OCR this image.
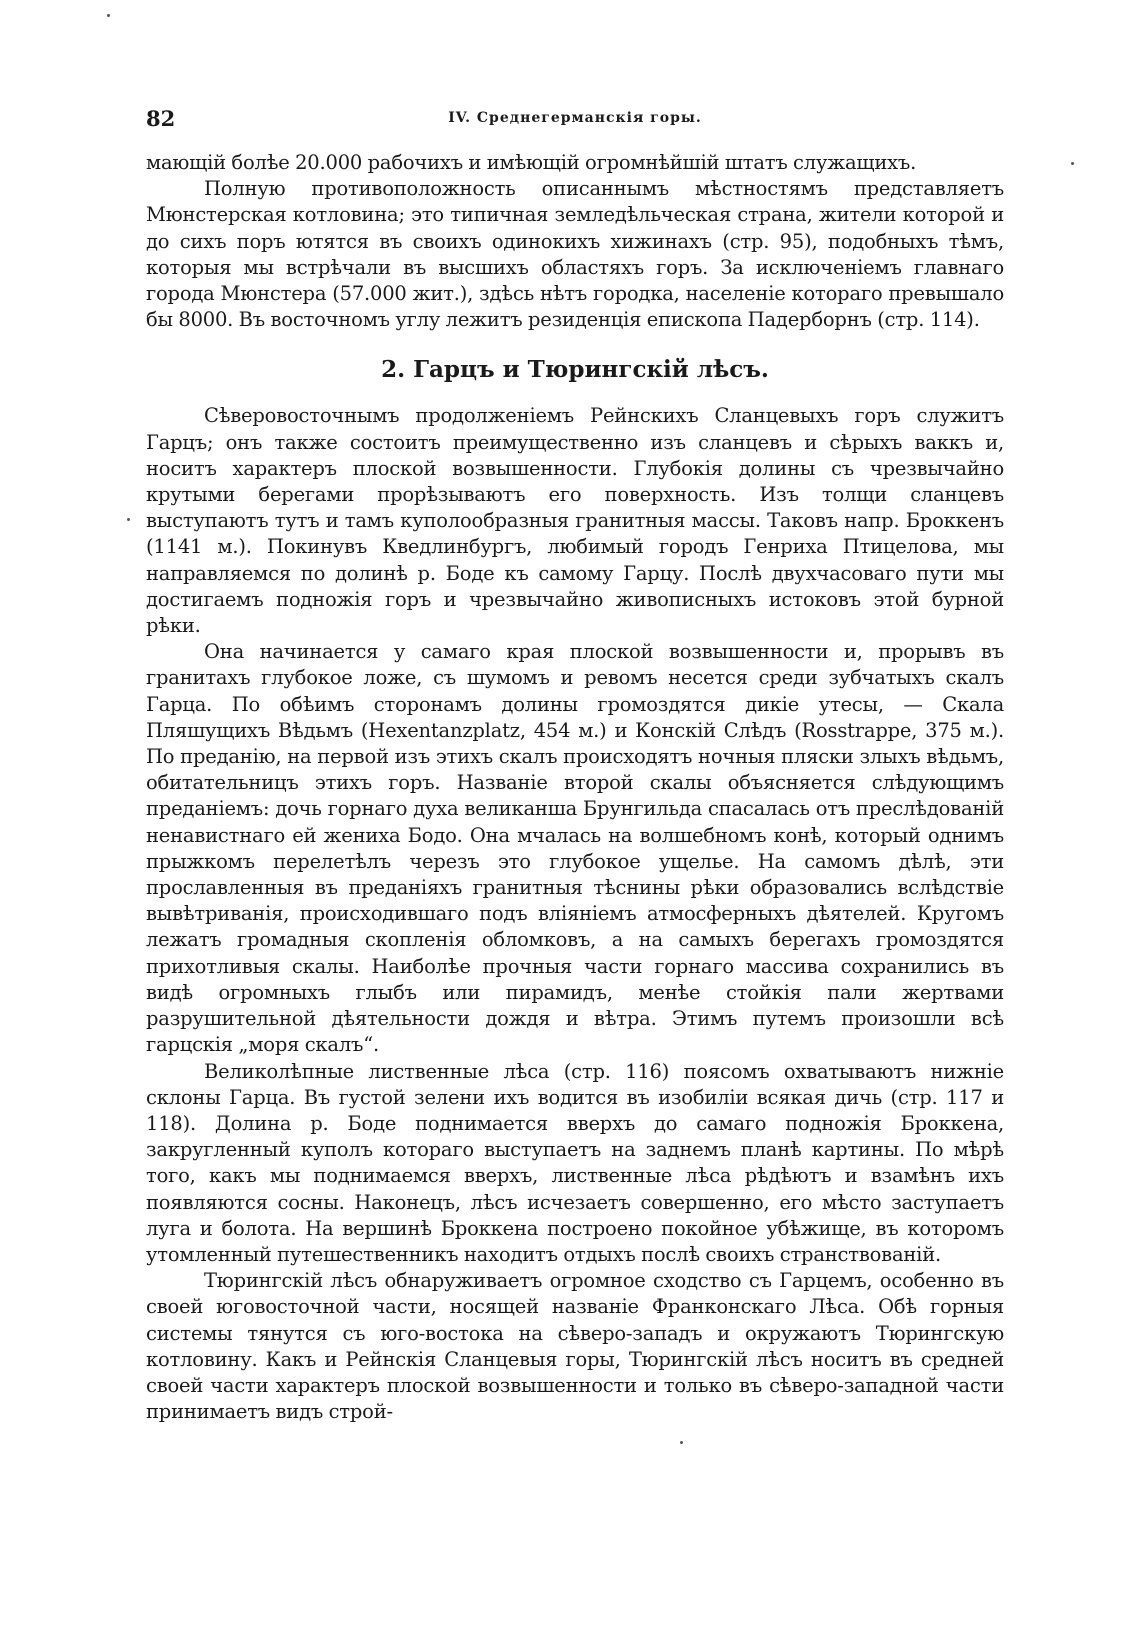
82	IV. Среднегерманскія горы.

мающій болѣе 20.000 рабочихъ и имѣющій огромнѣйшій штатъ служащихъ.

Полную противоположность описаннымъ мѣстностямъ представляетъ Мюнстерская котловина; это типичная земледѣльческая страна, жители которой и до сихъ поръ ютятся въ своихъ одинокихъ хижинахъ (стр. 95), подобныхъ тѣмъ, которыя мы встрѣчали въ высшихъ областяхъ горъ. За исключеніемъ главнаго города Мюнстера (57.000 жит.), здѣсь нѣтъ городка, населеніе котораго превышало бы 8000. Въ восточномъ углу лежитъ резиденція епископа Падерборнъ (стр. 114).

2. Гарцъ и Тюрингскій лѣсъ.

Сѣверовосточнымъ продолженіемъ Рейнскихъ Сланцевыхъ горъ служитъ Гарцъ; онъ также состоитъ преимущественно изъ сланцевъ и сѣрыхъ ваккъ и, носитъ характеръ плоской возвышенности. Глубокія долины съ чрезвычайно крутыми берегами прорѣзываютъ его поверхность. Изъ толщи сланцевъ выступаютъ тутъ и тамъ куполообразныя гранитныя массы. Таковъ напр. Броккенъ (1141 м.). Покинувъ Кведлинбургъ, любимый городъ Генриха Птицелова, мы направляемся по долинѣ р. Боде къ самому Гарцу. Послѣ двухчасоваго пути мы достигаемъ подножія горъ и чрезвычайно живописныхъ истоковъ этой бурной рѣки.

Она начинается у самаго края плоской возвышенности и, прорывъ въ гранитахъ глубокое ложе, съ шумомъ и ревомъ несется среди зубчатыхъ скалъ Гарца. По обѣимъ сторонамъ долины громоздятся дикіе утесы, — Скала Пляшущихъ Вѣдьмъ (Hexentanzplatz, 454 м.) и Конскій Слѣдъ (Rosstrappe, 375 м.). По преданію, на первой изъ этихъ скалъ происходятъ ночныя пляски злыхъ вѣдьмъ, обитательницъ этихъ горъ. Названіе второй скалы объясняется слѣдующимъ преданіемъ: дочь горнаго духа великанша Брунгильда спасалась отъ преслѣдованій ненавистнаго ей жениха Бодо. Она мчалась на волшебномъ конѣ, который однимъ прыжкомъ перелетѣлъ черезъ это глубокое ущелье. На самомъ дѣлѣ, эти прославленныя въ преданіяхъ гранитныя тѣснины рѣки образовались вслѣдствіе вывѣтриванія, происходившаго подъ вліяніемъ атмосферныхъ дѣятелей. Кругомъ лежатъ громадныя скопленія обломковъ, а на самыхъ берегахъ громоздятся прихотливыя скалы. Наиболѣе прочныя части горнаго массива сохранились въ видѣ огромныхъ глыбъ или пирамидъ, менѣе стойкія пали жертвами разрушительной дѣятельности дождя и вѣтра. Этимъ путемъ произошли всѣ гарцскія „моря скалъ“.

Великолѣпные лиственные лѣса (стр. 116) поясомъ охватываютъ нижніе склоны Гарца. Въ густой зелени ихъ водится въ изобиліи всякая дичь (стр. 117 и 118). Долина р. Боде поднимается вверхъ до самаго подножія Броккена, закругленный куполъ котораго выступаетъ на заднемъ планѣ картины. По мѣрѣ того, какъ мы поднимаемся вверхъ, лиственные лѣса рѣдѣютъ и взамѣнъ ихъ появляются сосны. Наконецъ, лѣсъ исчезаетъ совершенно, его мѣсто заступаетъ луга и болота. На вершинѣ Броккена построено покойное убѣжище, въ которомъ утомленный путешественникъ находитъ отдыхъ послѣ своихъ странствованій.

Тюрингскій лѣсъ обнаруживаетъ огромное сходство съ Гарцемъ, особенно въ своей юговосточной части, носящей названіе Франконскаго Лѣса. Обѣ горныя системы тянутся съ юго-востока на сѣверо-западъ и окружаютъ Тюрингскую котловину. Какъ и Рейнскія Сланцевыя горы, Тюрингскій лѣсъ носитъ въ средней своей части характеръ плоской возвышенности и только въ сѣверо-западной части принимаетъ видъ строй-
